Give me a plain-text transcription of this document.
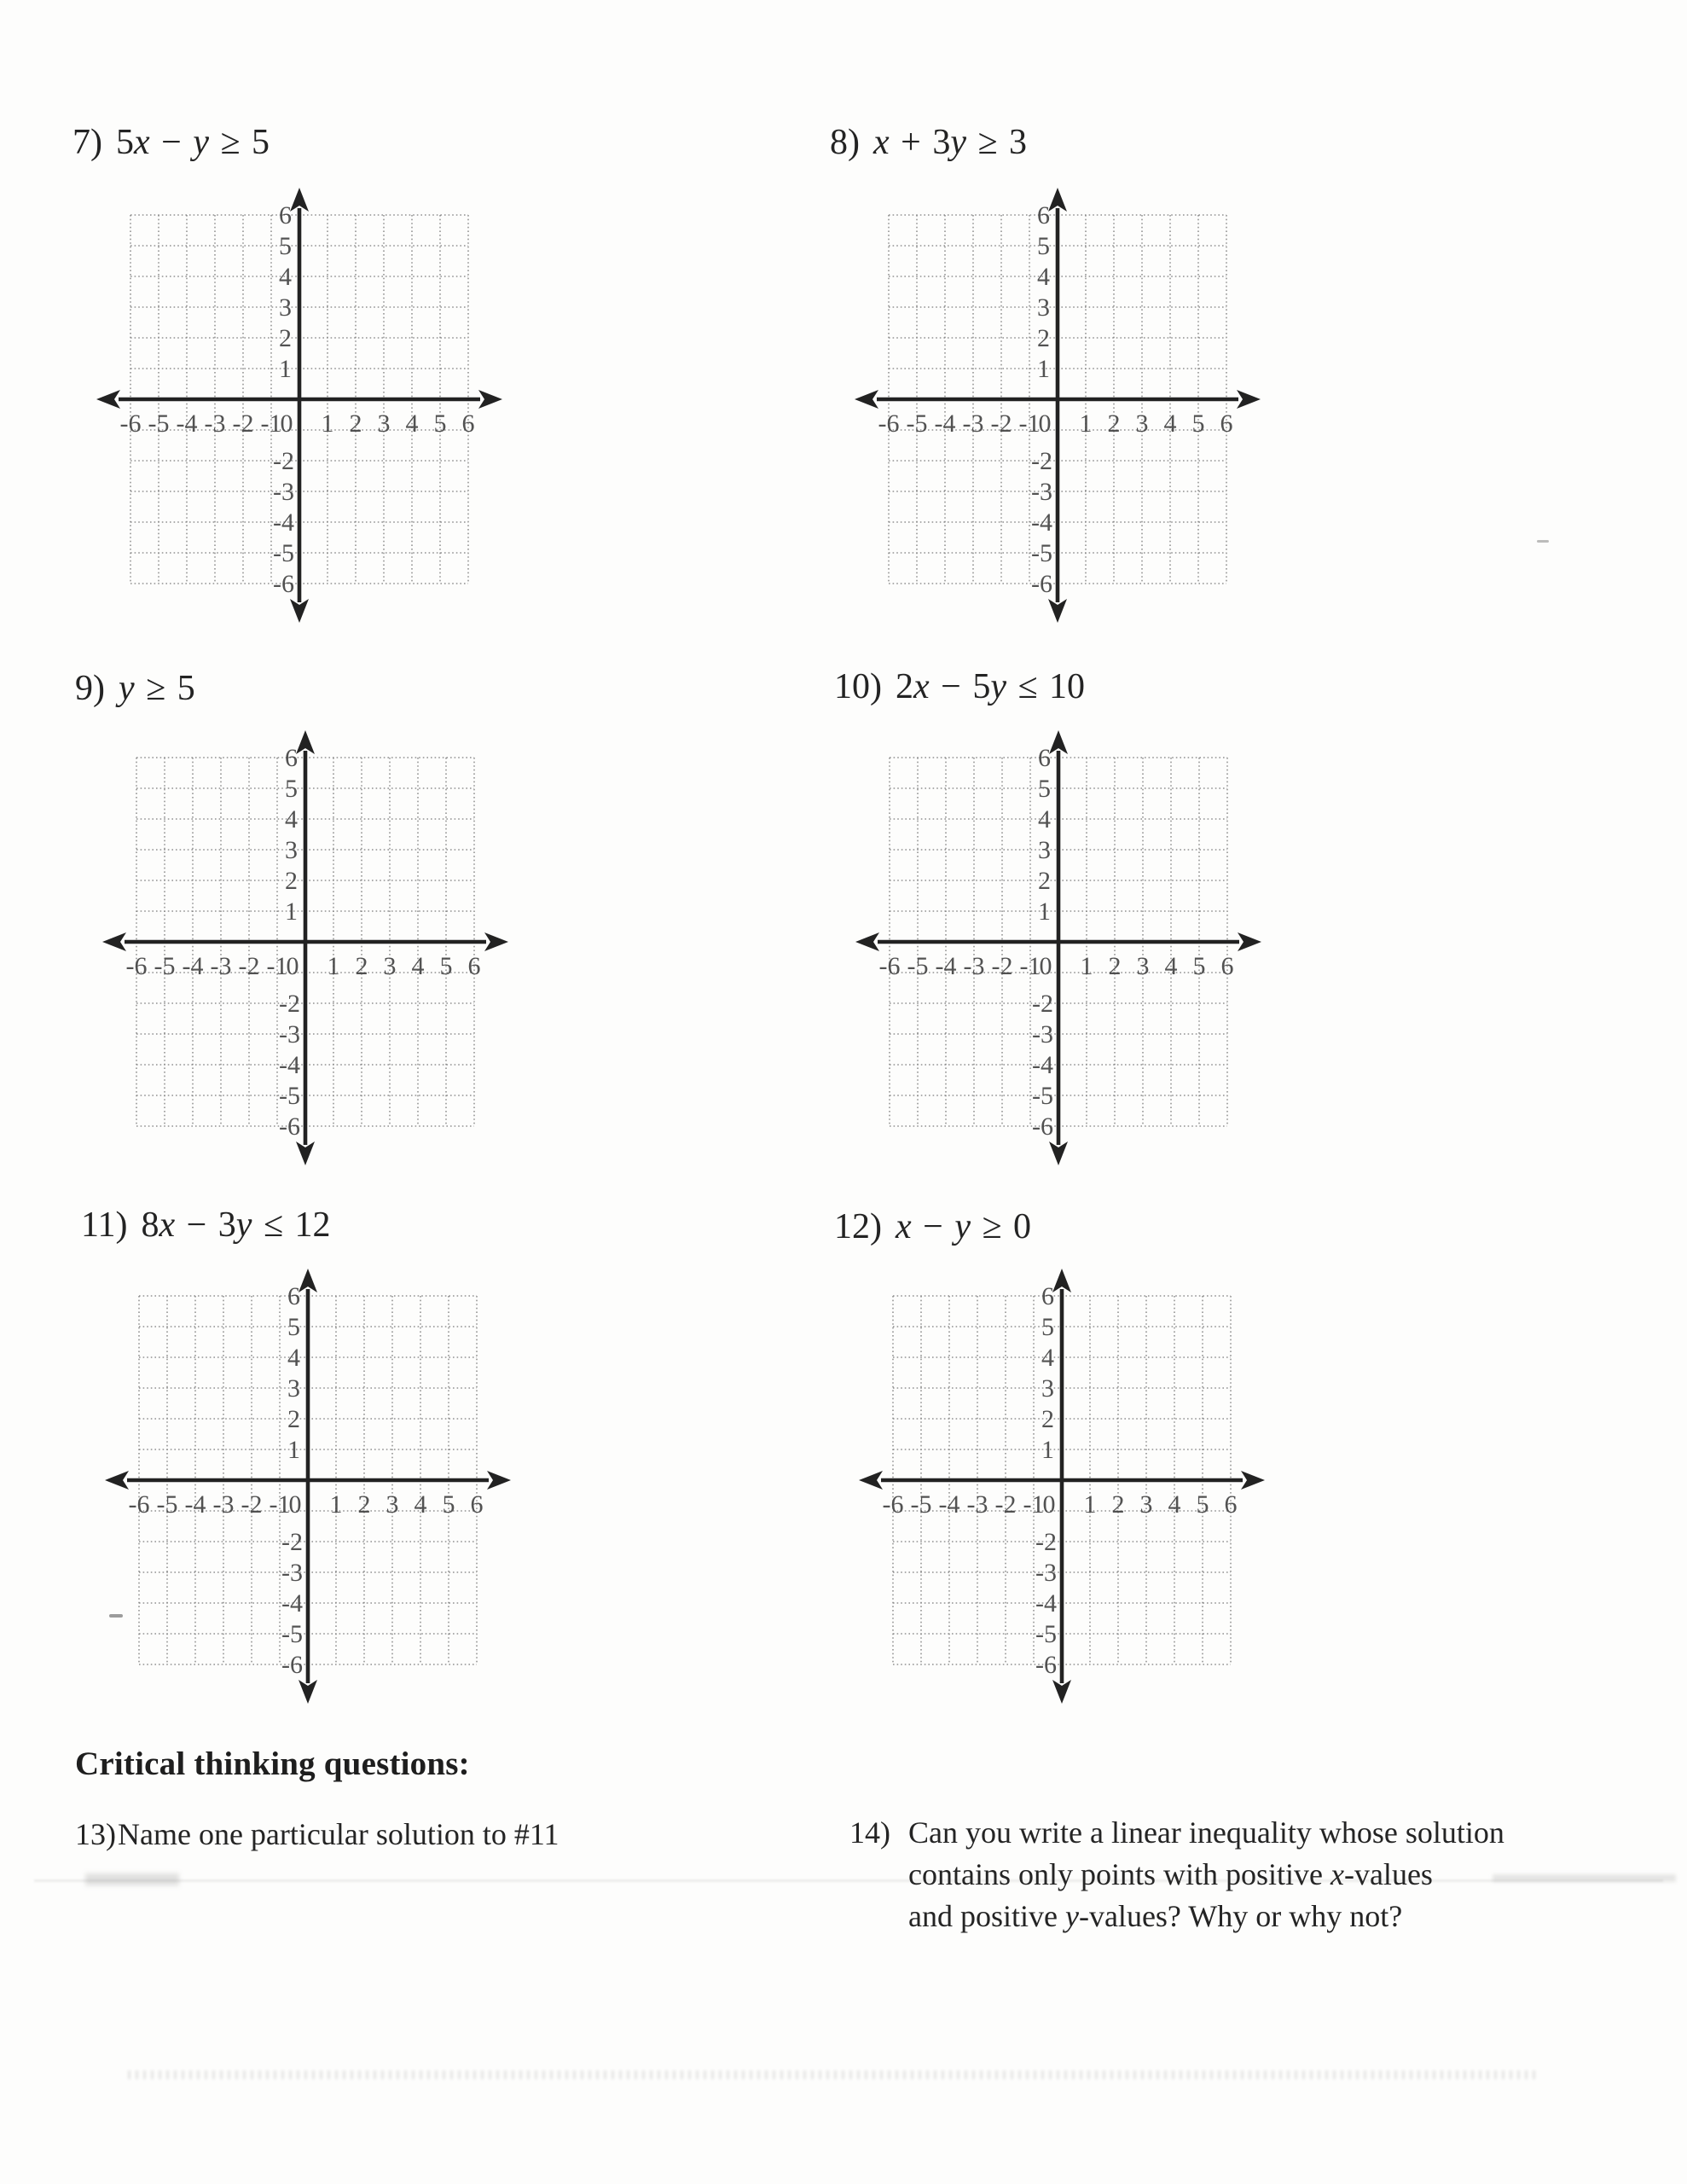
7) 5x − y ≥ 5
-6 -5 -4 -3 -2 -1
0 1 2 3 4 5 6
6
5
4
3
2
1
-2
-3
-4
-5
-6
8) x + 3y ≥ 3
-6 -5 -4 -3 -2 -1
0 1 2 3 4 5 6
6
5
4
3
2
1
-2
-3
-4
-5
-6
9) y ≥ 5
-6 -5 -4 -3 -2 -1
0 1 2 3 4 5 6
6
5
4
3
2
1
-2
-3
-4
-5
-6
10) 2x − 5y ≤ 10
-6 -5 -4 -3 -2 -1
0 1 2 3 4 5 6
6
5
4
3
2
1
-2
-3
-4
-5
-6
11) 8x − 3y ≤ 12
-6 -5 -4 -3 -2 -1
0 1 2 3 4 5 6
6
5
4
3
2
1
-2
-3
-4
-5
-6
12) x − y ≥ 0
-6 -5 -4 -3 -2 -1
0 1 2 3 4 5 6
6
5
4
3
2
1
-2
-3
-4
-5
-6
Critical thinking questions:
13) Name one particular solution to #11	14) Can you write a linear inequality whose solution
contains only points with positive x-values
and positive y-values? Why or why not?
